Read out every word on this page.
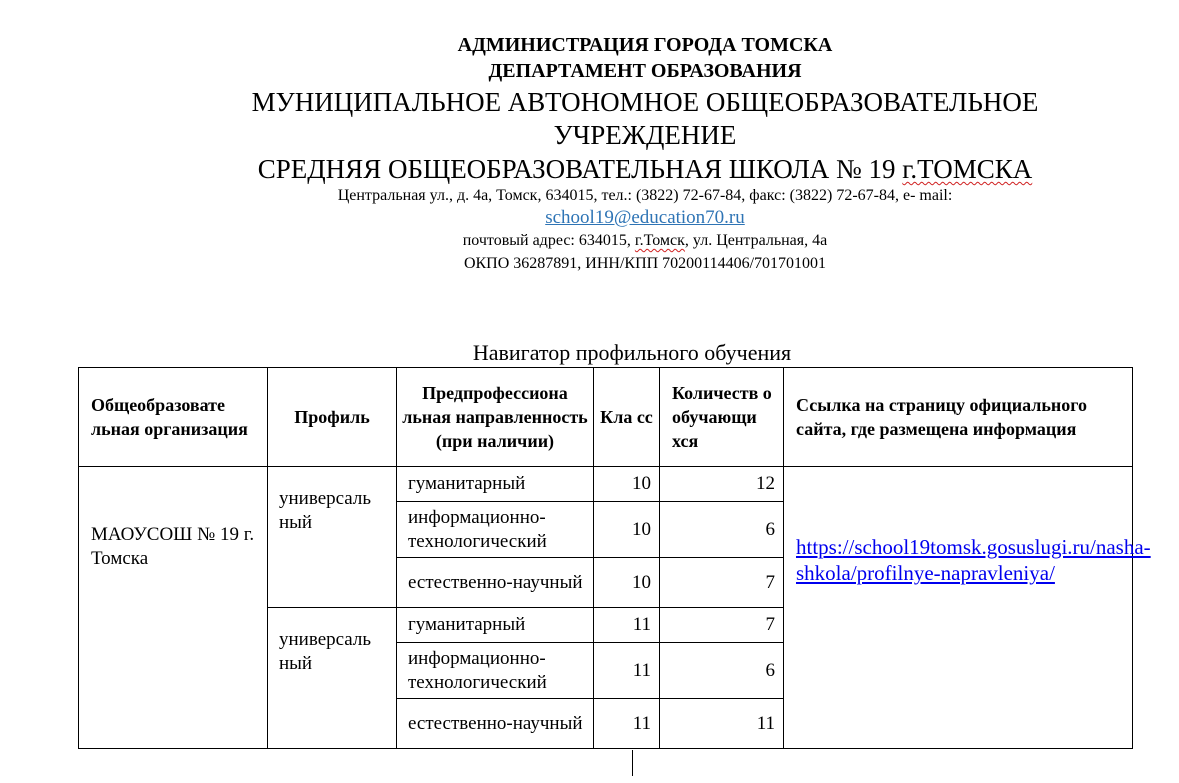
АДМИНИСТРАЦИЯ ГОРОДА ТОМСКА
ДЕПАРТАМЕНТ ОБРАЗОВАНИЯ
МУНИЦИПАЛЬНОЕ АВТОНОМНОЕ ОБЩЕОБРАЗОВАТЕЛЬНОЕ
УЧРЕЖДЕНИЕ
СРЕДНЯЯ ОБЩЕОБРАЗОВАТЕЛЬНАЯ ШКОЛА № 19 г.ТОМСКА
Центральная ул., д. 4а, Томск, 634015, тел.: (3822) 72-67-84, факс: (3822) 72-67-84, е- mail:
school19@education70.ru
почтовый адрес: 634015, г.Томск, ул. Центральная, 4а
ОКПО 36287891, ИНН/КПП 70200114406/701701001
Навигатор профильного обучения
Общеобразовате льная организация	Профиль	Предпрофессиона льная направленность (при наличии)	Кла сс	Количеств о обучающи хся	Ссылка на страницу официального сайта, где размещена информация
МАОУСОШ № 19 г. Томска	универсаль ный	гуманитарный	10	12	https://school19tomsk.gosuslugi.ru/nasha-shkola/profilnye-napravleniya/
		информационно-технологический	10	6	
		естественно-научный	10	7	
	универсаль ный	гуманитарный	11	7	
		информационно-технологический	11	6	
		естественно-научный	11	11	
